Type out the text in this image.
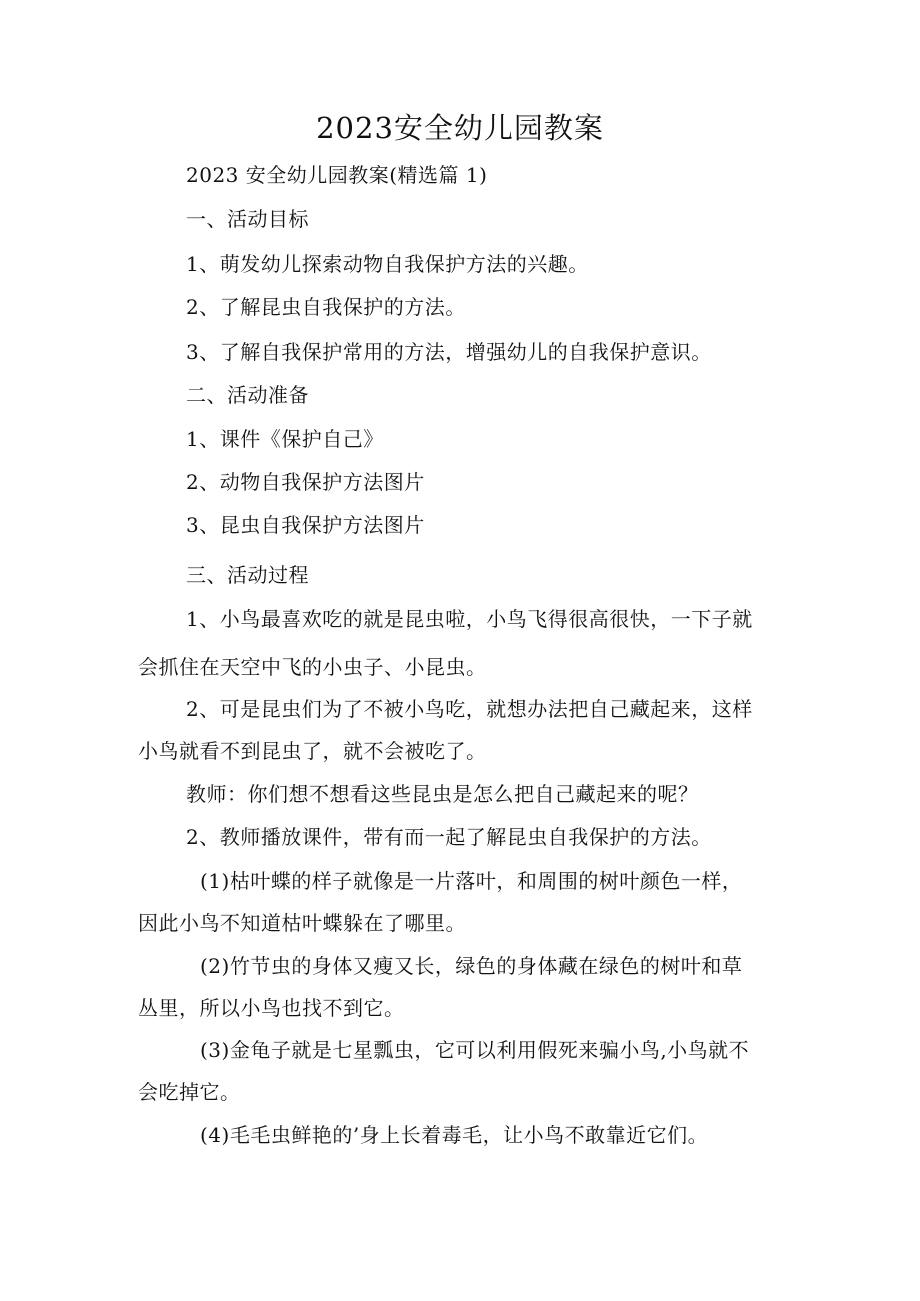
2023安全幼儿园教案
2023 安全幼儿园教案(精选篇 1)
一、活动目标
1、萌发幼儿探索动物自我保护方法的兴趣。
2、了解昆虫自我保护的方法。
3、了解自我保护常用的方法，增强幼儿的自我保护意识。
二、活动准备
1、课件《保护自己》
2、动物自我保护方法图片
3、昆虫自我保护方法图片
三、活动过程
1、小鸟最喜欢吃的就是昆虫啦，小鸟飞得很高很快，一下子就
会抓住在天空中飞的小虫子、小昆虫。
2、可是昆虫们为了不被小鸟吃，就想办法把自己藏起来，这样
小鸟就看不到昆虫了，就不会被吃了。
教师：你们想不想看这些昆虫是怎么把自己藏起来的呢？
2、教师播放课件，带有而一起了解昆虫自我保护的方法。
(1)枯叶蝶的样子就像是一片落叶，和周围的树叶颜色一样，
因此小鸟不知道枯叶蝶躲在了哪里。
(2)竹节虫的身体又瘦又长，绿色的身体藏在绿色的树叶和草
丛里，所以小鸟也找不到它。
(3)金龟子就是七星瓢虫，它可以利用假死来骗小鸟,小鸟就不
会吃掉它。
(4)毛毛虫鲜艳的’身上长着毒毛，让小鸟不敢靠近它们。
